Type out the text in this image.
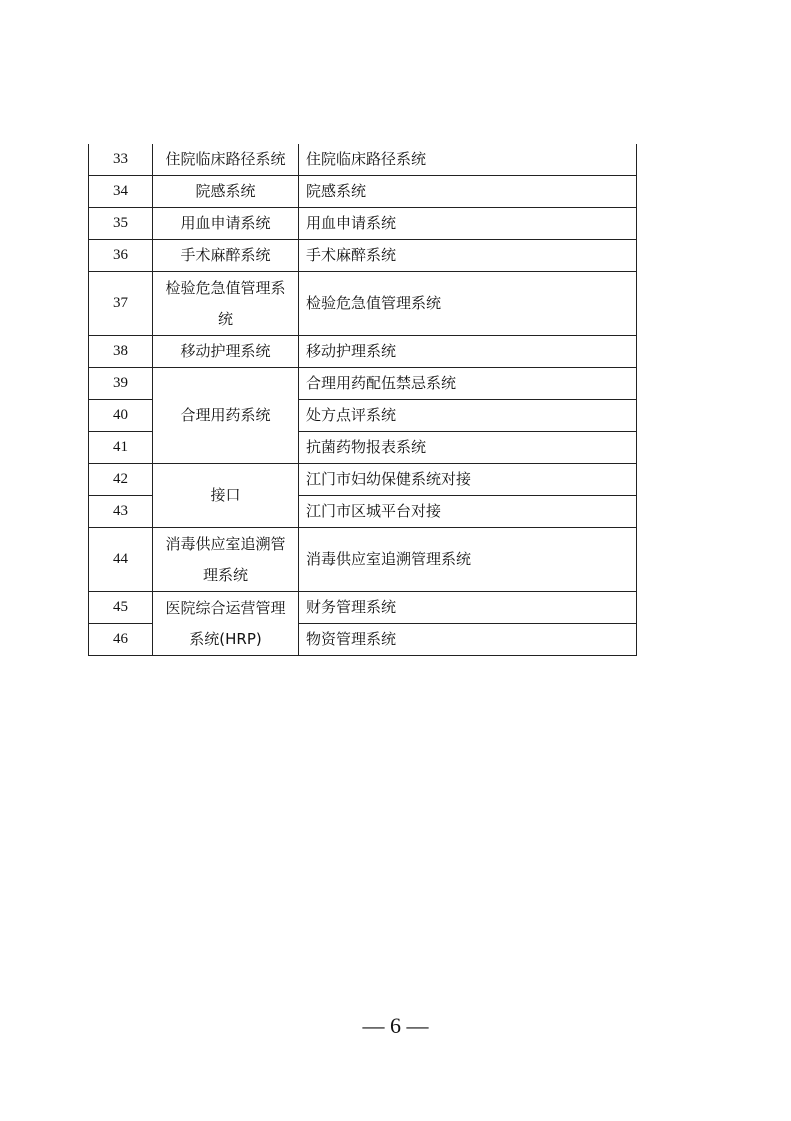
33	住院临床路径系统	住院临床路径系统
34	院感系统	院感系统
35	用血申请系统	用血申请系统
36	手术麻醉系统	手术麻醉系统
37	检验危急值管理系统	检验危急值管理系统
38	移动护理系统	移动护理系统
39	合理用药系统	合理用药配伍禁忌系统
40		处方点评系统
41		抗菌药物报表系统
42	接口	江门市妇幼保健系统对接
43		江门市区城平台对接
44	消毒供应室追溯管理系统	消毒供应室追溯管理系统
45	医院综合运营管理系统(HRP)	财务管理系统
46		物资管理系统
— 6 —
